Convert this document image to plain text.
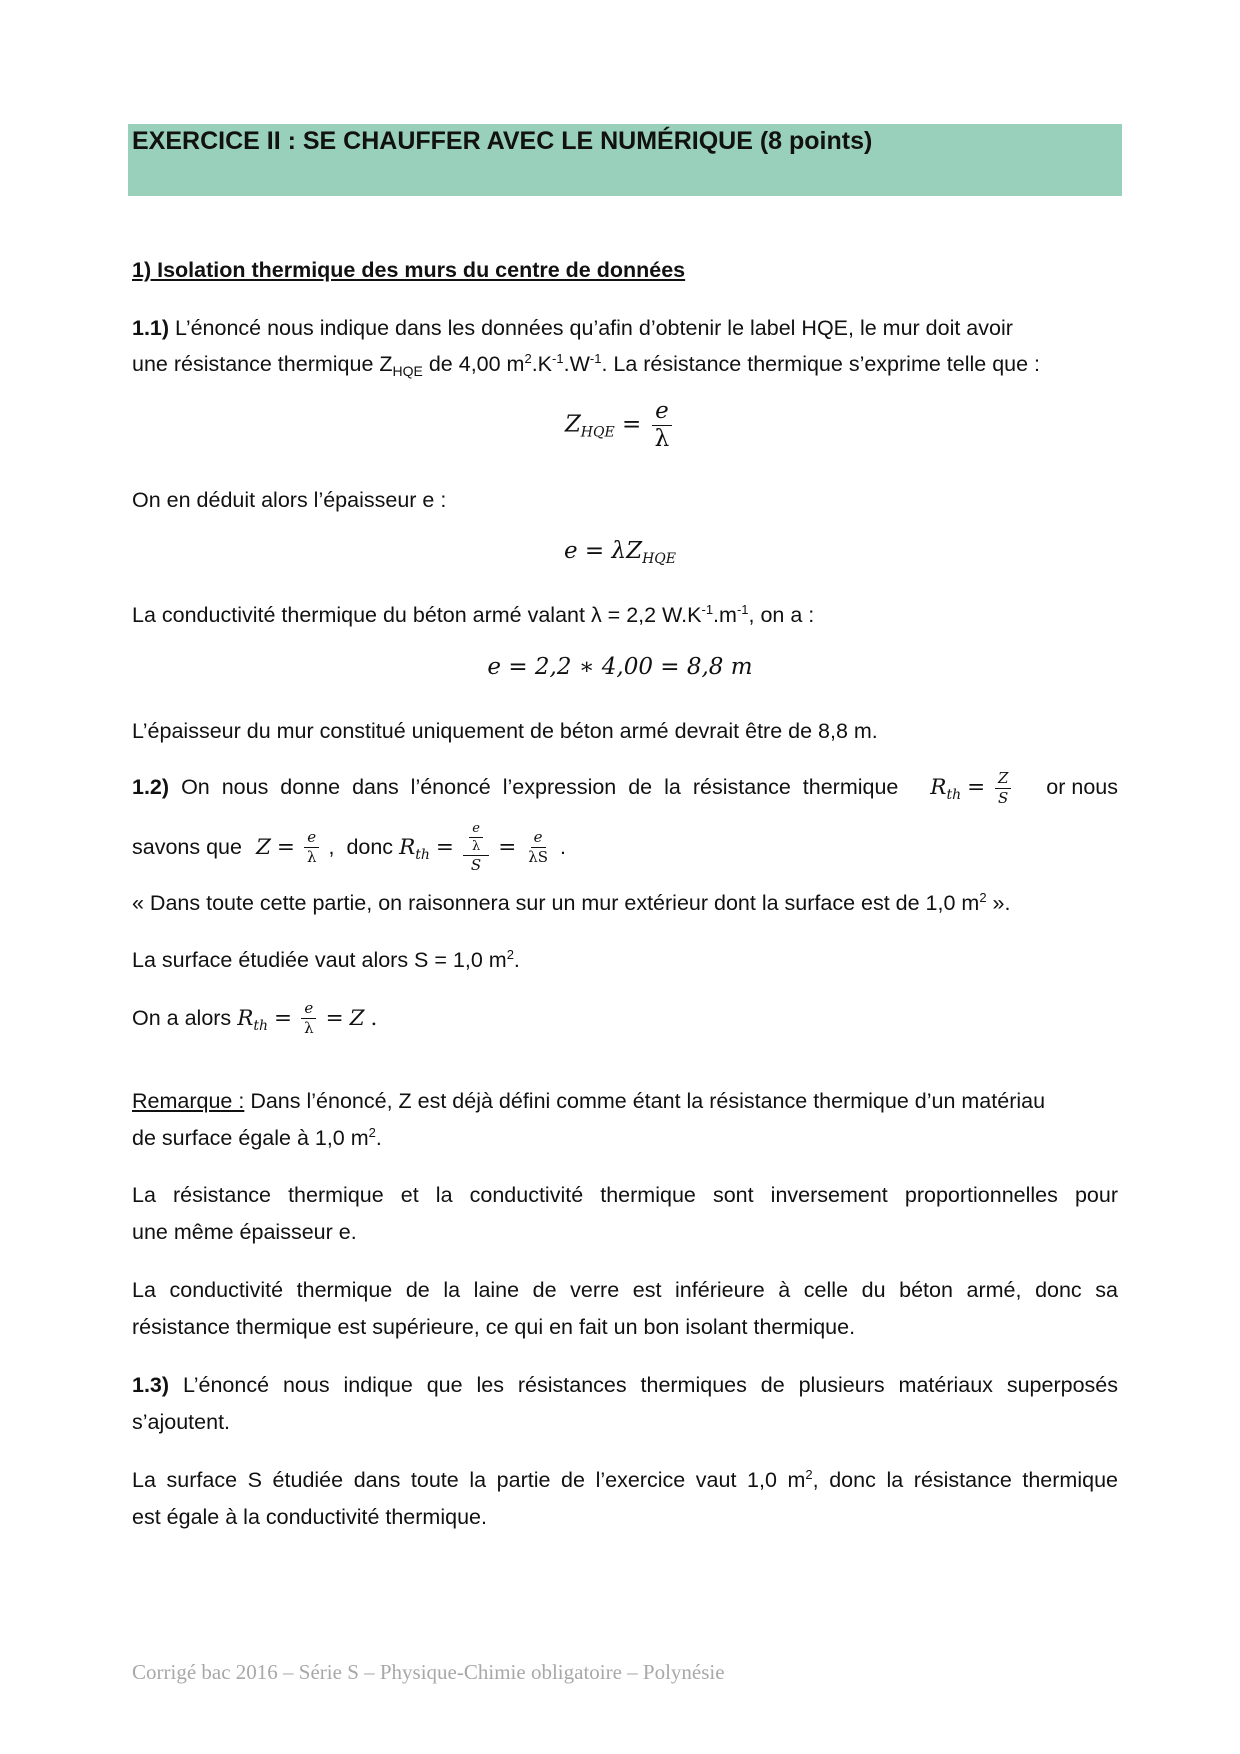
EXERCICE II : SE CHAUFFER AVEC LE NUMÉRIQUE (8 points)
1) Isolation thermique des murs du centre de données
1.1) L’énoncé nous indique dans les données qu’afin d’obtenir le label HQE, le mur doit avoir
une résistance thermique $Z_{HQE}$ de 4,00 $m^2.K^{-1}.W^{-1}$. La résistance thermique s’exprime telle que :
$Z_{HQE} = \frac{e}{\lambda}$
On en déduit alors l’épaisseur e :
$e = \lambda Z_{HQE}$
La conductivité thermique du béton armé valant λ = 2,2 $W.K^{-1}.m^{-1}$, on a :
e = 2,2 ∗ 4,00 = 8,8 m
L’épaisseur du mur constitué uniquement de béton armé devrait être de 8,8 m.
1.2) On nous donne dans l’énoncé l’expression de la résistance thermique $R_{th} = \frac{Z}{S}$ or nous
savons que $Z = \frac{e}{\lambda}$ , donc $R_{th} = \frac{\frac{e}{\lambda}}{S} = \frac{e}{\lambda S}$ .
« Dans toute cette partie, on raisonnera sur un mur extérieur dont la surface est de 1,0 $m^2$ ».
La surface étudiée vaut alors S = 1,0 $m^2$.
On a alors $R_{th} = \frac{e}{\lambda} = Z$ .
Remarque : Dans l’énoncé, Z est déjà défini comme étant la résistance thermique d’un matériau
de surface égale à 1,0 $m^2$.
La résistance thermique et la conductivité thermique sont inversement proportionnelles pour
une même épaisseur e.
La conductivité thermique de la laine de verre est inférieure à celle du béton armé, donc sa
résistance thermique est supérieure, ce qui en fait un bon isolant thermique.
1.3) L’énoncé nous indique que les résistances thermiques de plusieurs matériaux superposés
s’ajoutent.
La surface S étudiée dans toute la partie de l’exercice vaut 1,0 $m^2$, donc la résistance thermique
est égale à la conductivité thermique.
Corrigé bac 2016 – Série S – Physique-Chimie obligatoire – Polynésie
